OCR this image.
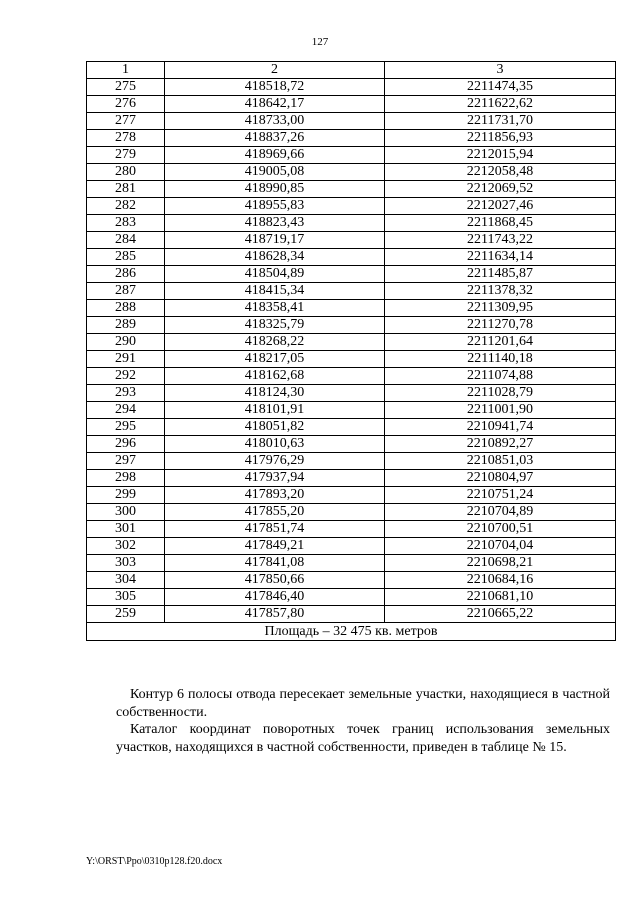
127
1	2	3
275	418518,72	2211474,35
276	418642,17	2211622,62
277	418733,00	2211731,70
278	418837,26	2211856,93
279	418969,66	2212015,94
280	419005,08	2212058,48
281	418990,85	2212069,52
282	418955,83	2212027,46
283	418823,43	2211868,45
284	418719,17	2211743,22
285	418628,34	2211634,14
286	418504,89	2211485,87
287	418415,34	2211378,32
288	418358,41	2211309,95
289	418325,79	2211270,78
290	418268,22	2211201,64
291	418217,05	2211140,18
292	418162,68	2211074,88
293	418124,30	2211028,79
294	418101,91	2211001,90
295	418051,82	2210941,74
296	418010,63	2210892,27
297	417976,29	2210851,03
298	417937,94	2210804,97
299	417893,20	2210751,24
300	417855,20	2210704,89
301	417851,74	2210700,51
302	417849,21	2210704,04
303	417841,08	2210698,21
304	417850,66	2210684,16
305	417846,40	2210681,10
259	417857,80	2210665,22
Площадь – 32 475 кв. метров		
Контур 6 полосы отвода пересекает земельные участки, находящиеся в частной собственности.
Каталог координат поворотных точек границ использования земельных участков, находящихся в частной собственности, приведен в таблице № 15.
Y:\ORST\Ppo\0310p128.f20.docx
